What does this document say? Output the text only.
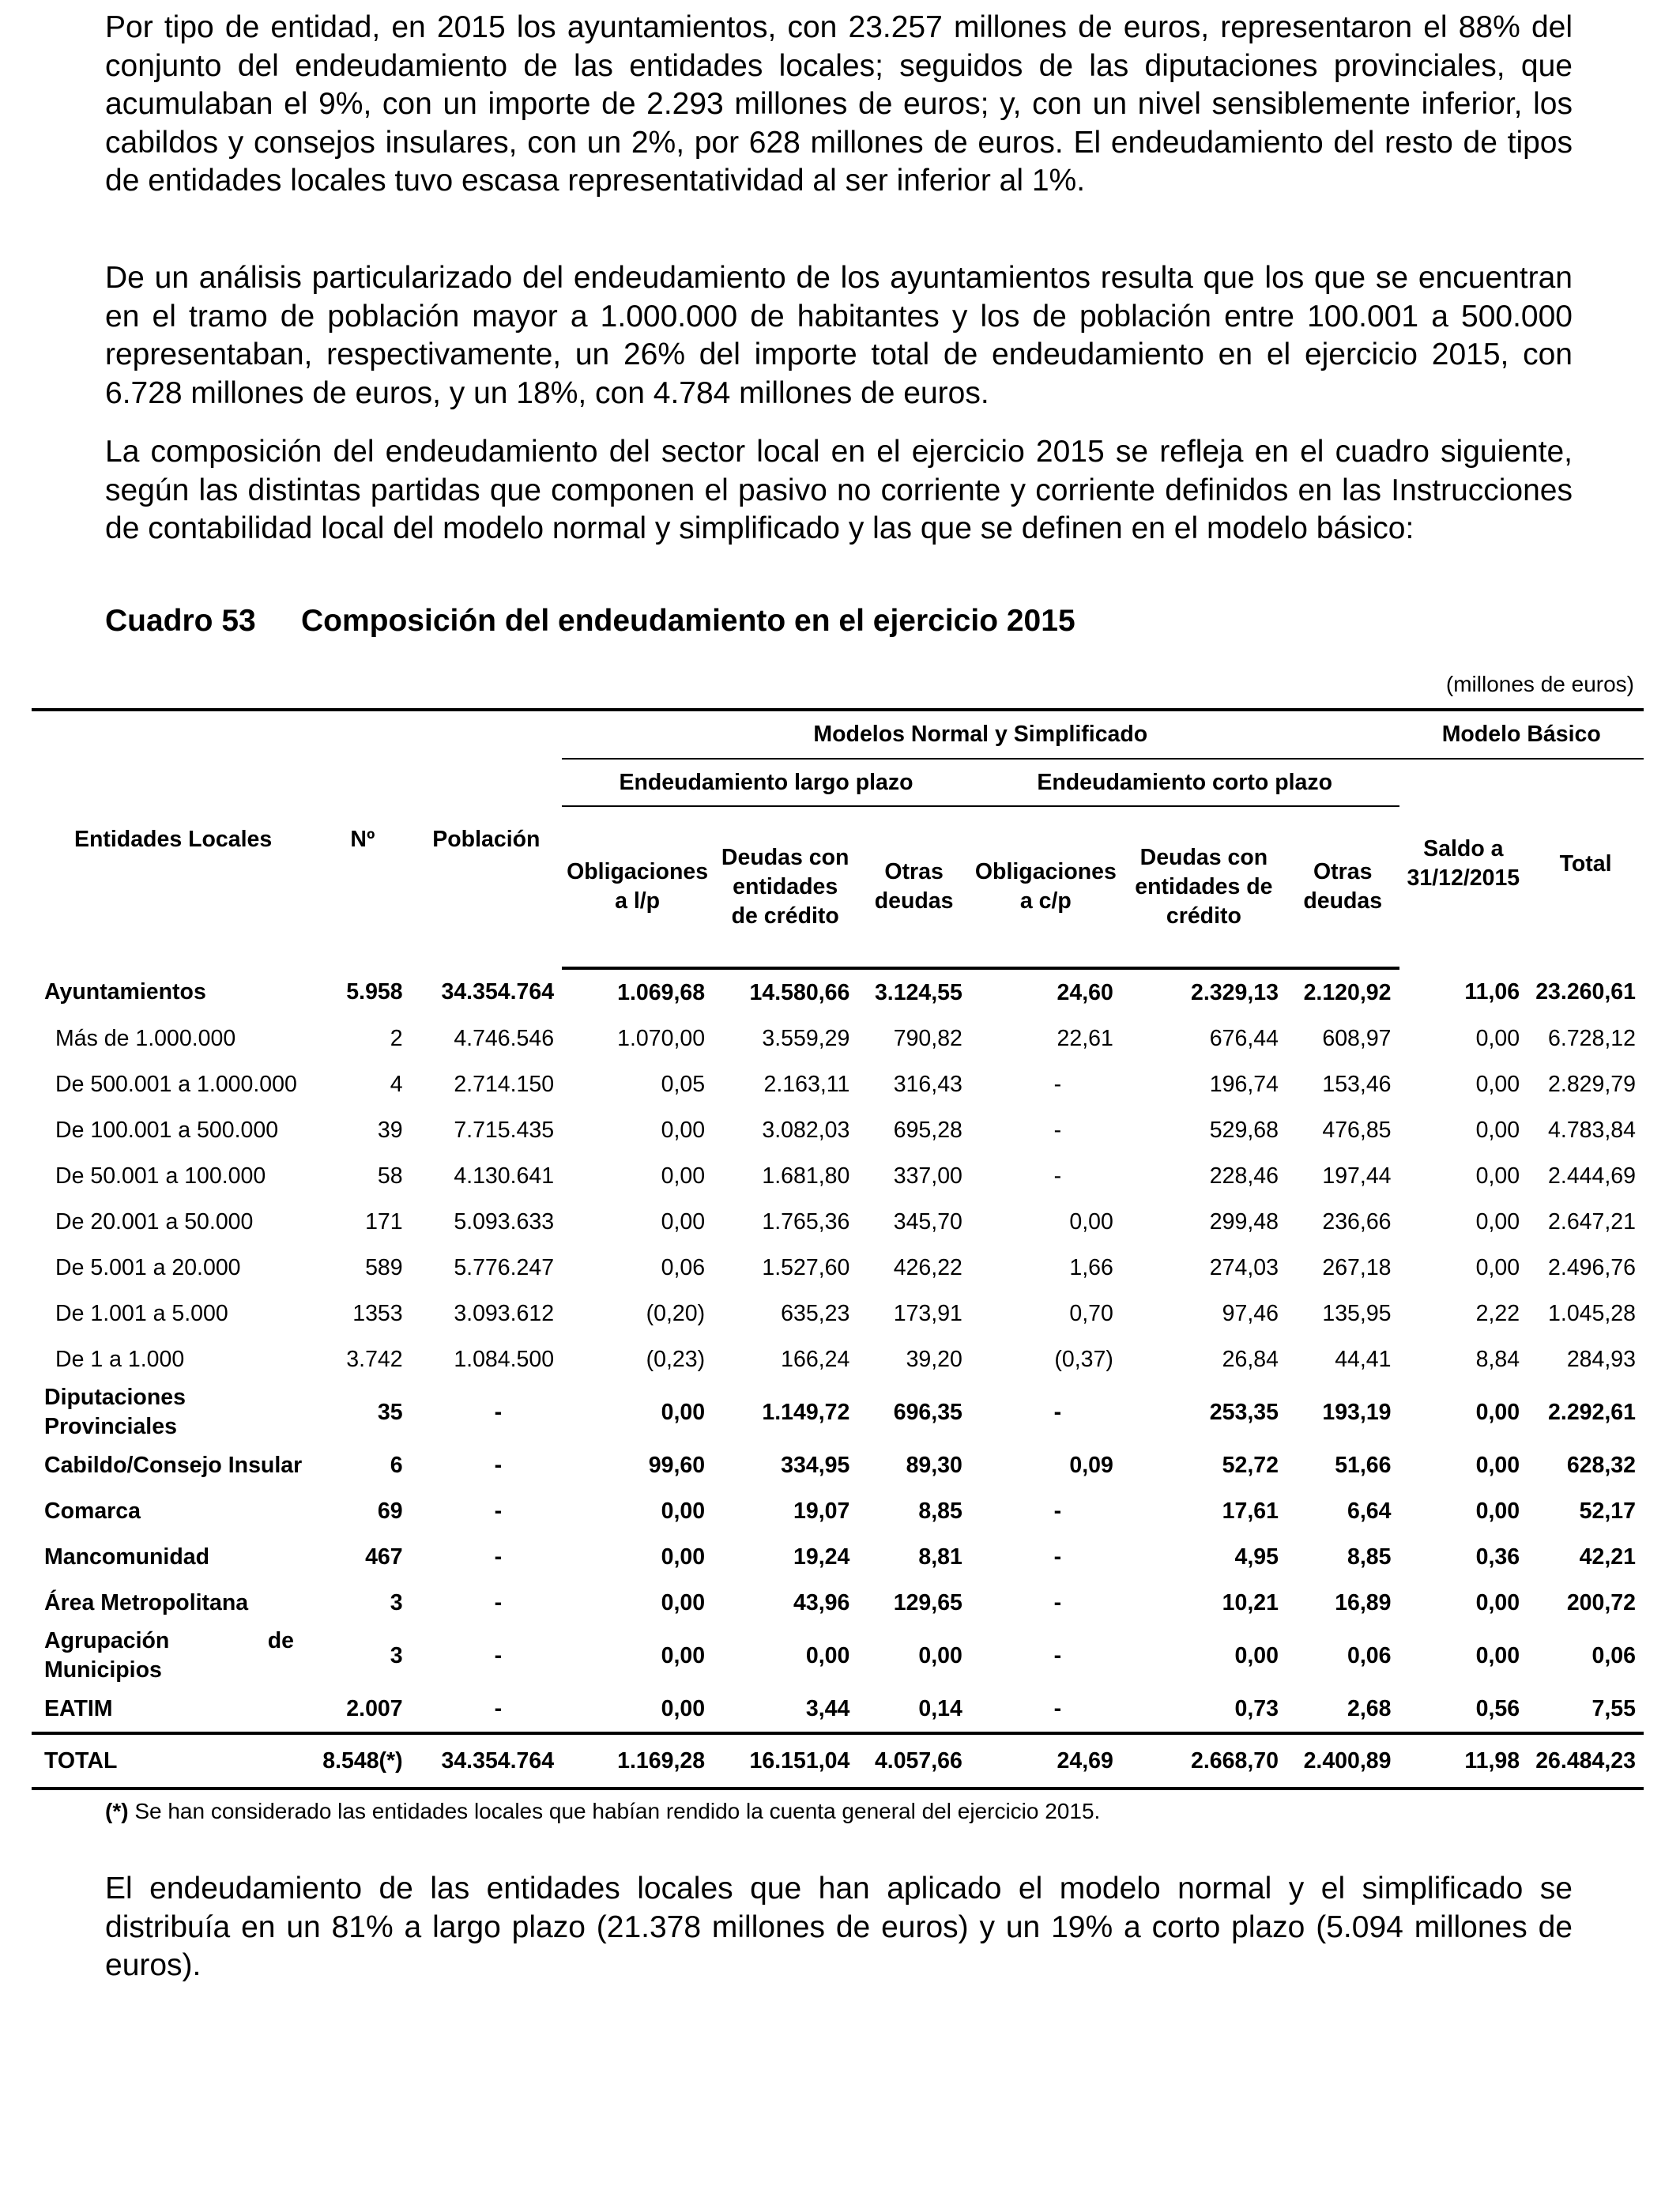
Por tipo de entidad, en 2015 los ayuntamientos, con 23.257 millones de euros, representaron el 88% del conjunto del endeudamiento de las entidades locales; seguidos de las diputaciones provinciales, que acumulaban el 9%, con un importe de 2.293 millones de euros; y, con un nivel sensiblemente inferior, los cabildos y consejos insulares, con un 2%, por 628 millones de euros. El endeudamiento del resto de tipos de entidades locales tuvo escasa representatividad al ser inferior al 1%.

De un análisis particularizado del endeudamiento de los ayuntamientos resulta que los que se encuentran en el tramo de población mayor a 1.000.000 de habitantes y los de población entre 100.001 a 500.000 representaban, respectivamente, un 26% del importe total de endeudamiento en el ejercicio 2015, con 6.728 millones de euros, y un 18%, con 4.784 millones de euros.

La composición del endeudamiento del sector local en el ejercicio 2015 se refleja en el cuadro siguiente, según las distintas partidas que componen el pasivo no corriente y corriente definidos en las Instrucciones de contabilidad local del modelo normal y simplificado y las que se definen en el modelo básico:

Cuadro 53 Composición del endeudamiento en el ejercicio 2015
(millones de euros)
Entidades Locales	Nº	Población	Modelos Normal y Simplificado						Modelo Básico	
			Endeudamiento largo plazo			Endeudamiento corto plazo			Saldo a 31/12/2015	Total
			Obligaciones a l/p	Deudas con entidades de crédito	Otras deudas	Obligaciones a c/p	Deudas con entidades de crédito	Otras deudas		
Ayuntamientos	5.958	34.354.764	1.069,68	14.580,66	3.124,55	24,60	2.329,13	2.120,92	11,06	23.260,61
Más de 1.000.000	2	4.746.546	1.070,00	3.559,29	790,82	22,61	676,44	608,97	0,00	6.728,12
De 500.001 a 1.000.000	4	2.714.150	0,05	2.163,11	316,43	-	196,74	153,46	0,00	2.829,79
De 100.001 a 500.000	39	7.715.435	0,00	3.082,03	695,28	-	529,68	476,85	0,00	4.783,84
De 50.001 a 100.000	58	4.130.641	0,00	1.681,80	337,00	-	228,46	197,44	0,00	2.444,69
De 20.001 a 50.000	171	5.093.633	0,00	1.765,36	345,70	0,00	299,48	236,66	0,00	2.647,21
De 5.001 a 20.000	589	5.776.247	0,06	1.527,60	426,22	1,66	274,03	267,18	0,00	2.496,76
De 1.001 a 5.000	1353	3.093.612	(0,20)	635,23	173,91	0,70	97,46	135,95	2,22	1.045,28
De 1 a 1.000	3.742	1.084.500	(0,23)	166,24	39,20	(0,37)	26,84	44,41	8,84	284,93
Diputaciones Provinciales	35	-	0,00	1.149,72	696,35	-	253,35	193,19	0,00	2.292,61
Cabildo/Consejo Insular	6	-	99,60	334,95	89,30	0,09	52,72	51,66	0,00	628,32
Comarca	69	-	0,00	19,07	8,85	-	17,61	6,64	0,00	52,17
Mancomunidad	467	-	0,00	19,24	8,81	-	4,95	8,85	0,36	42,21
Área Metropolitana	3	-	0,00	43,96	129,65	-	10,21	16,89	0,00	200,72

Agrupación de
Municipios	3	-	0,00	0,00	0,00	-	0,00	0,06	0,00	0,06
EATIM	2.007	-	0,00	3,44	0,14	-	0,73	2,68	0,56	7,55
TOTAL	8.548(*)	34.354.764	1.169,28	16.151,04	4.057,66	24,69	2.668,70	2.400,89	11,98	26.484,23
(*) Se han considerado las entidades locales que habían rendido la cuenta general del ejercicio 2015.

El endeudamiento de las entidades locales que han aplicado el modelo normal y el simplificado se distribuía en un 81% a largo plazo (21.378 millones de euros) y un 19% a corto plazo (5.094 millones de euros).
